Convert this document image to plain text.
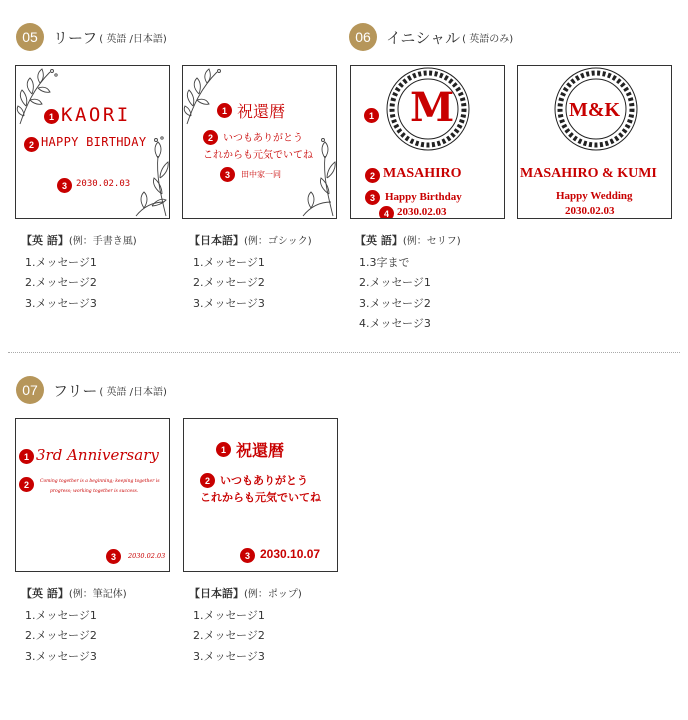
05	リーフ ( 英語 /日本語)	06	イニシャル ( 英語のみ)
1 KAORI
2 HAPPY BIRTHDAY
3	2030.02.03
1 祝還暦
2	いつもありがとう
これからも元気でいてね
3	田中家一同
M
1
2 MASAHIRO
3 Happy Birthday
4 2030.02.03
M&K
MASAHIRO & KUMI
Happy Wedding
2030.02.03
【英 語】(例：手書き風)
1.メッセージ1
2.メッセージ2
3.メッセージ3
【日本語】(例：ゴシック)
1.メッセージ1
2.メッセージ2
3.メッセージ3
【英 語】(例：セリフ)
1.3字まで
2.メッセージ1
3.メッセージ2
4.メッセージ3
07	フリー ( 英語 /日本語)
1 3rd Anniversary
2	Coming together is a beginning; keeping together is
progress; working together is success.
3	2030.02.03
1 祝還暦
2 いつもありがとう
これからも元気でいてね
3 2030.10.07
【英 語】(例：筆記体)
1.メッセージ1
2.メッセージ2
3.メッセージ3
【日本語】(例：ポップ)
1.メッセージ1
2.メッセージ2
3.メッセージ3
